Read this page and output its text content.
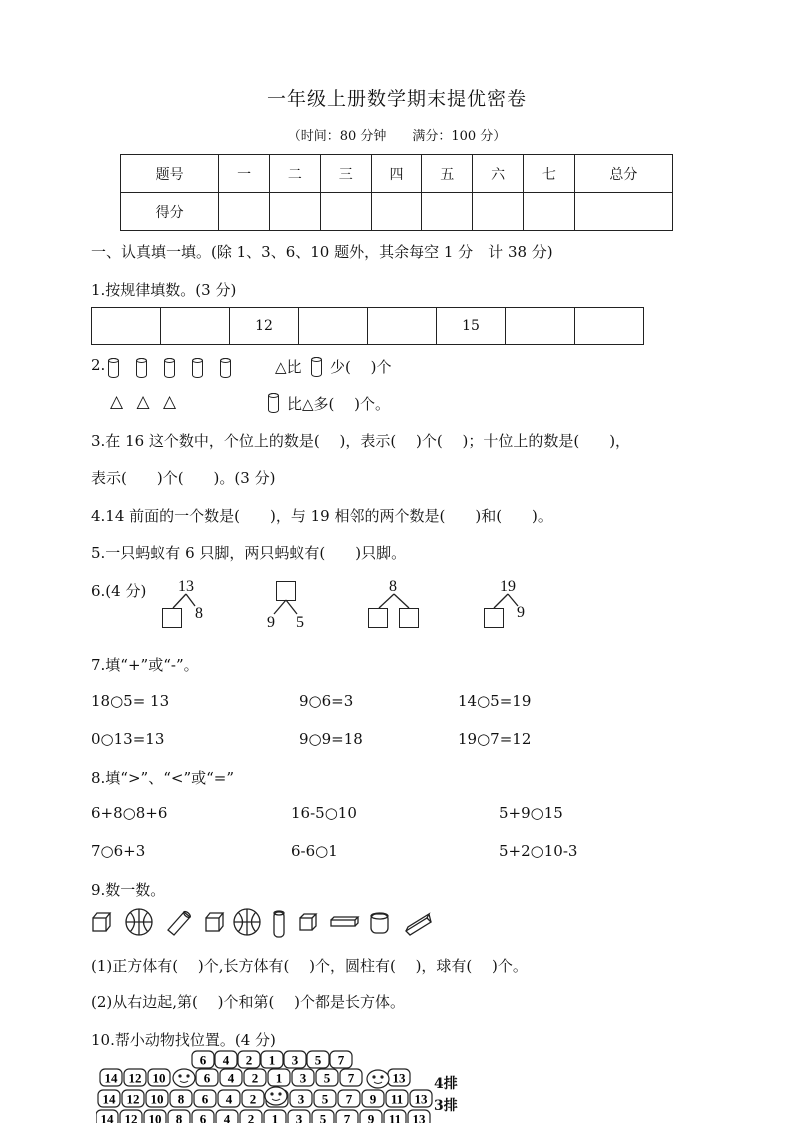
一年级上册数学期末提优密卷
（时间：80 分钟　　满分：100 分）
题号	一	二	三	四	五	六	七	总分
得分								
一、认真填一填。(除 1、3、6、10 题外，其余每空 1 分　计 38 分)
1.按规律填数。(3 分)
		12			15		
2.
	△比 少(　 )个
△ △ △	比△多(　 )个。
3.在 16 这个数中，个位上的数是(　 )，表示(　 )个(　 )；十位上的数是(　　)，
表示(　　)个(　　)。(3 分)
4.14 前面的一个数是(　　)，与 19 相邻的两个数是(　　)和(　　)。
5.一只蚂蚁有 6 只脚，两只蚂蚁有(　　)只脚。
6.(4 分) 13
8
9 5
8	19
9
7.填“+”或“-”。
18○5= 13	9○6=3	14○5=19
0○13=13	9○9=18	19○7=12
8.填“>”、“<”或“=”
6+8○8+6	16-5○10	5+9○15
7○6+3	6-6○1	5+2○10-3
9.数一数。
(1)正方体有(　 )个,长方体有(　 )个，圆柱有(　 )，球有(　 )个。
(2)从右边起,第(　 )个和第(　 )个都是长方体。
10.帮小动物找位置。(4 分)
6 4 2 1 3 5 7
14 12 10	6 4 2 1 3 5 7	13
14 12 10 8 6 4 2	3 5 7 9 11 13
14 12 10 8 6 4 2 1 3 5 7 9 11 13
4排
3排
